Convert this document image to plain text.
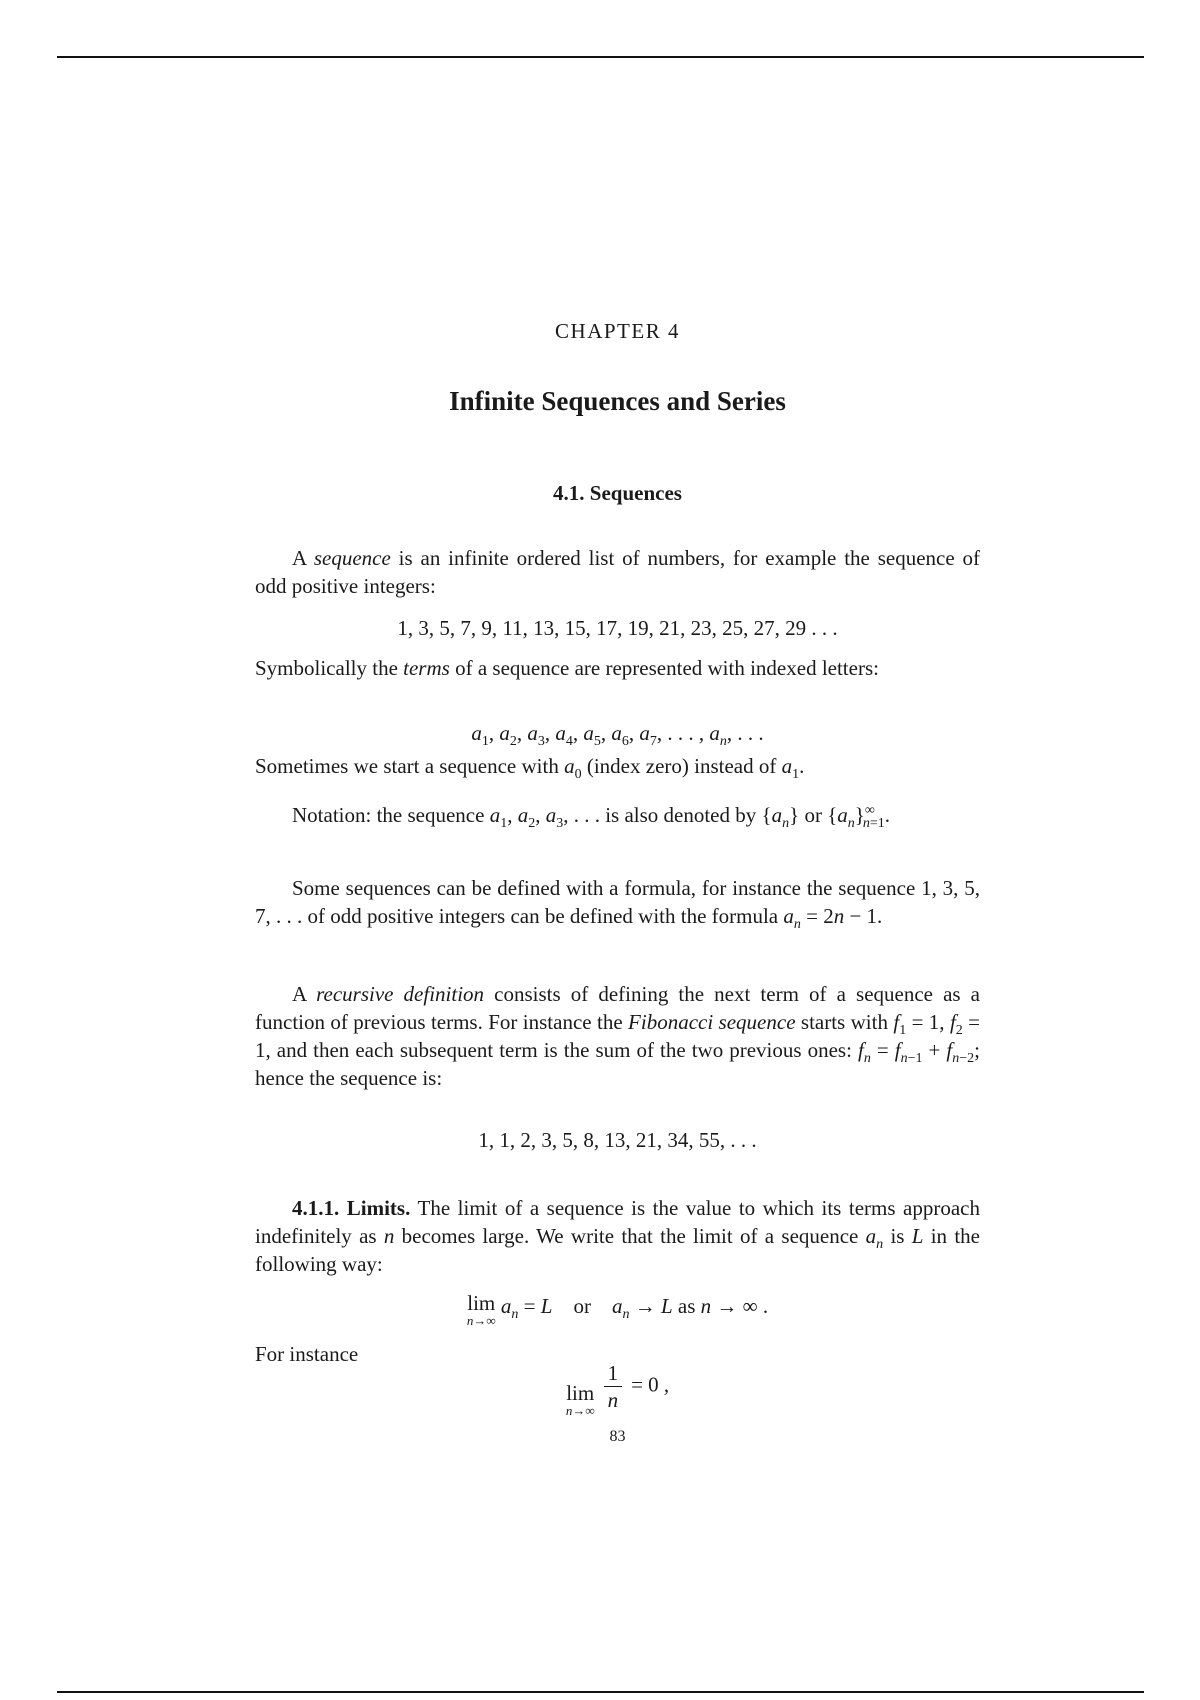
CHAPTER 4
Infinite Sequences and Series
4.1. Sequences
A sequence is an infinite ordered list of numbers, for example the sequence of odd positive integers:
1, 3, 5, 7, 9, 11, 13, 15, 17, 19, 21, 23, 25, 27, 29 . . .
Symbolically the terms of a sequence are represented with indexed letters:
$a_1$, $a_2$, $a_3$, $a_4$, $a_5$, $a_6$, $a_7$, . . . , $a_n$, . . .
Sometimes we start a sequence with $a_0$ (index zero) instead of $a_1$.
Notation: the sequence $a_1$, $a_2$, $a_3$, . . . is also denoted by $\{a_n\}$ or $\{a_n\}^\infty_{n=1}$.
Some sequences can be defined with a formula, for instance the sequence 1, 3, 5, 7, . . . of odd positive integers can be defined with the formula $a_n = 2n - 1$.
A recursive definition consists of defining the next term of a sequence as a function of previous terms. For instance the Fibonacci sequence starts with $f_1 = 1$, $f_2 = 1$, and then each subsequent term is the sum of the two previous ones: $f_n = f_{n-1} + f_{n-2}$; hence the sequence is:
1, 1, 2, 3, 5, 8, 13, 21, 34, 55, . . .
4.1.1. Limits. The limit of a sequence is the value to which its terms approach indefinitely as n becomes large. We write that the limit of a sequence $a_n$ is L in the following way:
lim
n→∞
$a_n = L$ or $a_n \to L$ as n → ∞ .
For instance
lim
n→∞
$\frac{1}{n} = 0$ ,
83
